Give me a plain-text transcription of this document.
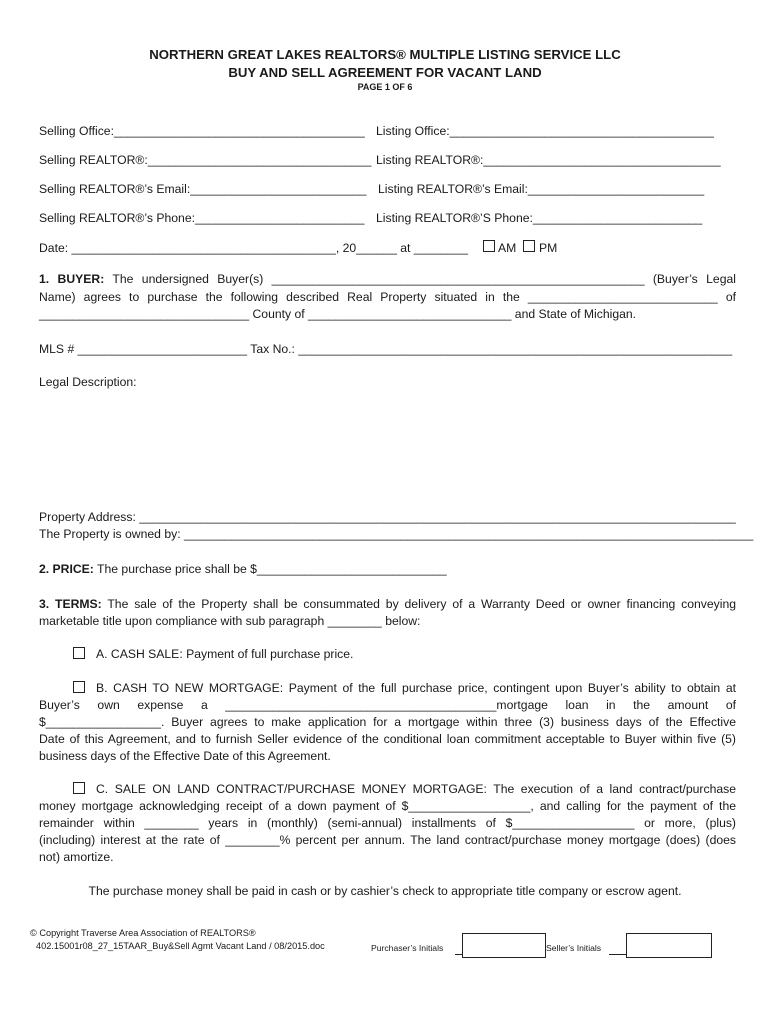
NORTHERN GREAT LAKES REALTORS® MULTIPLE LISTING SERVICE LLC
BUY AND SELL AGREEMENT FOR VACANT LAND
PAGE 1 OF 6
Selling Office:_____________________________________ Listing Office:_______________________________________
Selling REALTOR®:_________________________________ Listing REALTOR®:___________________________________
Selling REALTOR®’s Email:__________________________ Listing REALTOR®’s Email:__________________________
Selling REALTOR®’s Phone:_________________________ Listing REALTOR®’S Phone:_________________________
Date: _______________________________________, 20______ at ________ AM PM
1. BUYER: The undersigned Buyer(s) _______________________________________________________ (Buyer’s Legal
Name) agrees to purchase the following described Real Property situated in the ____________________________ of
_______________________________ County of ______________________________ and State of Michigan.
MLS # _________________________ Tax No.: ________________________________________________________________
Legal Description:
Property Address: ________________________________________________________________________________________
The Property is owned by: ____________________________________________________________________________________
2. PRICE: The purchase price shall be $____________________________
3. TERMS: The sale of the Property shall be consummated by delivery of a Warranty Deed or owner financing conveying
marketable title upon compliance with sub paragraph ________ below:
A. CASH SALE: Payment of full purchase price.
B. CASH TO NEW MORTGAGE: Payment of the full purchase price, contingent upon Buyer’s ability to obtain at
Buyer’s own expense a ________________________________________mortgage loan in the amount of
$_________________. Buyer agrees to make application for a mortgage within three (3) business days of the Effective
Date of this Agreement, and to furnish Seller evidence of the conditional loan commitment acceptable to Buyer within five (5)
business days of the Effective Date of this Agreement.
C. SALE ON LAND CONTRACT/PURCHASE MONEY MORTGAGE: The execution of a land contract/purchase
money mortgage acknowledging receipt of a down payment of $__________________, and calling for the payment of the
remainder within ________ years in (monthly) (semi-annual) installments of $__________________ or more, (plus)
(including) interest at the rate of ________% percent per annum. The land contract/purchase money mortgage (does) (does
not) amortize.
The purchase money shall be paid in cash or by cashier’s check to appropriate title company or escrow agent.
© Copyright Traverse Area Association of REALTORS®
402.15001r08_27_15TAAR_Buy&Sell Agmt Vacant Land / 08/2015.doc	Purchaser’s Initials	Seller’s Initials
